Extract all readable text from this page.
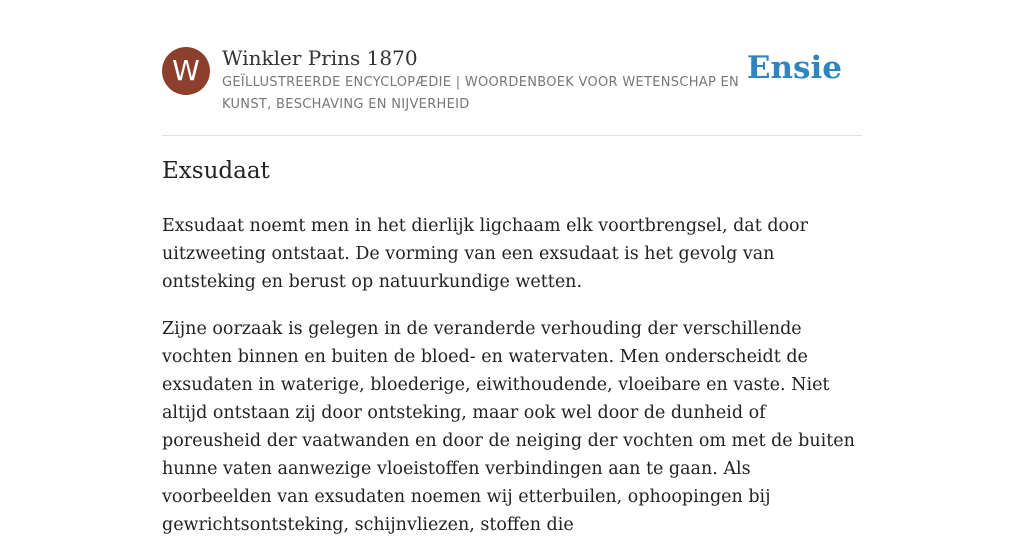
W	Winkler Prins 1870
GEÏLLUSTREERDE ENCYCLOPÆDIE | WOORDENBOEK VOOR WETENSCHAP EN KUNST, BESCHAVING EN NIJVERHEID
Ensie
Exsudaat

Exsudaat noemt men in het dierlijk ligchaam elk voortbrengsel, dat door uitzweeting ontstaat. De vorming van een exsudaat is het gevolg van ontsteking en berust op natuurkundige wetten.

Zijne oorzaak is gelegen in de veranderde verhouding der verschillende vochten binnen en buiten de bloed- en watervaten. Men onderscheidt de exsudaten in waterige, bloederige, eiwithoudende, vloeibare en vaste. Niet altijd ontstaan zij door ontsteking, maar ook wel door de dunheid of poreusheid der vaatwanden en door de neiging der vochten om met de buiten hunne vaten aanwezige vloeistoffen verbindingen aan te gaan. Als voorbeelden van exsudaten noemen wij etterbuilen, ophoopingen bij gewrichtsontsteking, schijnvliezen, stoffen die
